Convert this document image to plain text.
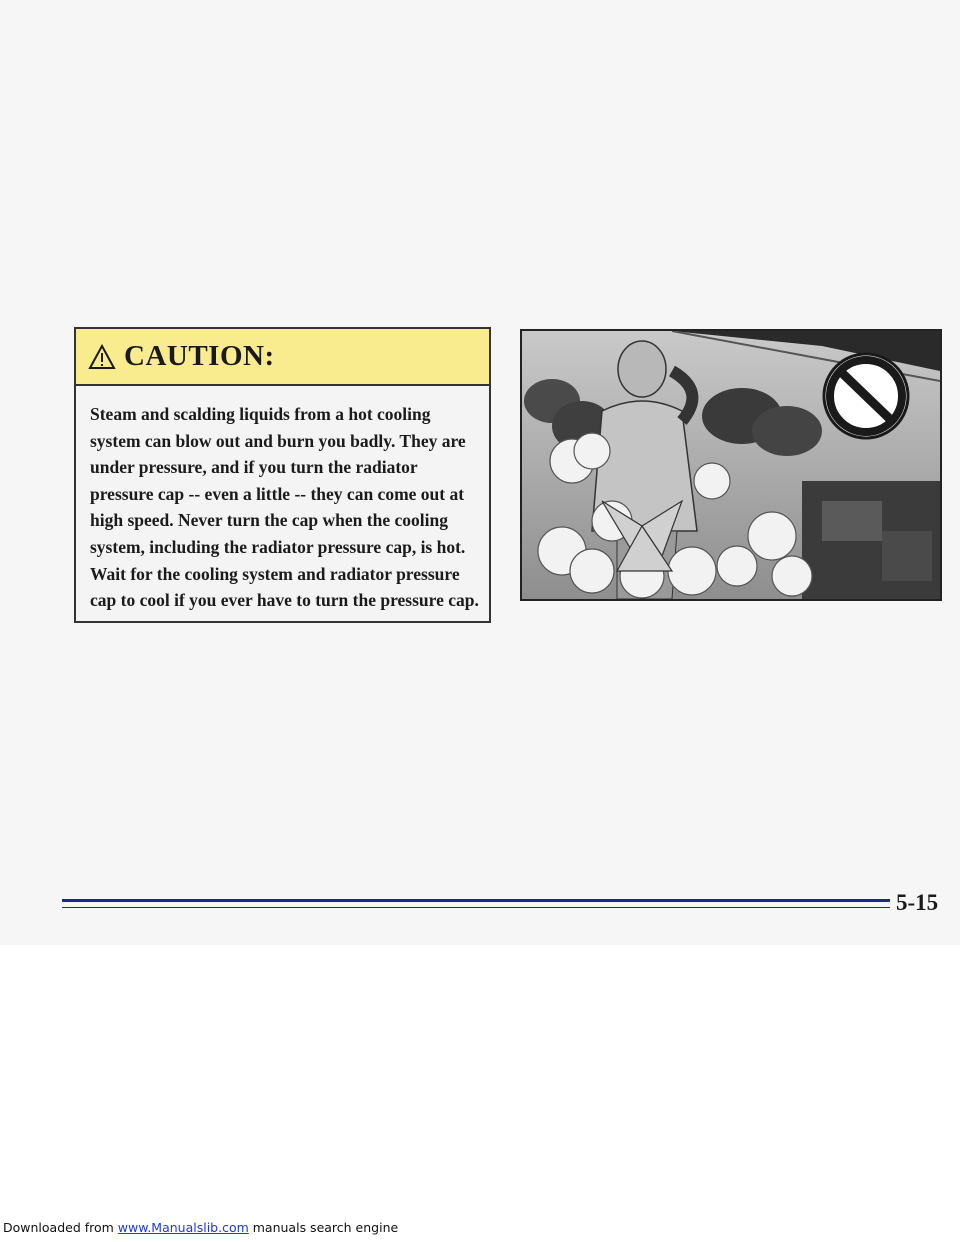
CAUTION:
Steam and scalding liquids from a hot cooling system can blow out and burn you badly. They are under pressure, and if you turn the radiator pressure cap -- even a little -- they can come out at high speed. Never turn the cap when the cooling system, including the radiator pressure cap, is hot. Wait for the cooling system and radiator pressure cap to cool if you ever have to turn the pressure cap.
5-15
Downloaded from www.Manualslib.com manuals search engine
